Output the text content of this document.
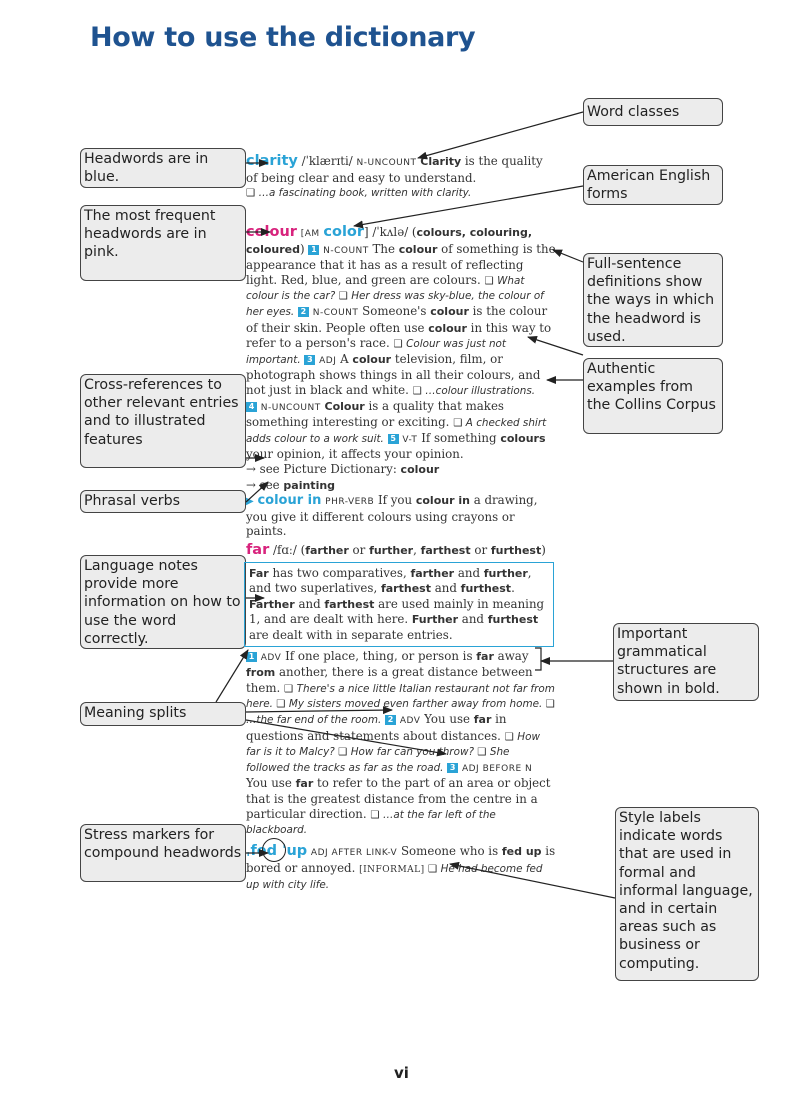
How to use the dictionary
Headwords are in blue.
The most frequent headwords are in pink.
Cross-references to other relevant entries and to illustrated features
Phrasal verbs
Language notes provide more information on how to use the word correctly.
Meaning splits
Stress markers for compound headwords
Word classes
American English forms
Full-sentence definitions show the ways in which the headword is used.
Authentic examples from the Collins Corpus
Important grammatical structures are shown in bold.
Style labels indicate words that are used in formal and informal language, and in certain areas such as business or computing.
clarity /ˈklærɪti/ N-UNCOUNT Clarity is the quality of being clear and easy to understand.
❑ …a fascinating book, written with clarity.
colour [AM color] /ˈkʌlə/ (colours, colouring, coloured) 1 N-COUNT The colour of something is the appearance that it has as a result of reflecting light. Red, blue, and green are colours. ❑ What colour is the car? ❑ Her dress was sky-blue, the colour of her eyes. 2 N-COUNT Someone's colour is the colour of their skin. People often use colour in this way to refer to a person's race. ❑ Colour was just not important. 3 ADJ A colour television, film, or photograph shows things in all their colours, and not just in black and white. ❑ …colour illustrations.
4 N-UNCOUNT Colour is a quality that makes something interesting or exciting. ❑ A checked shirt adds colour to a work suit. 5 V-T If something colours your opinion, it affects your opinion.
→ see Picture Dictionary: colour
→ see painting
▶ colour in PHR-VERB If you colour in a drawing, you give it different colours using crayons or paints.
far /fɑː/ (farther or further, farthest or furthest)
Far has two comparatives, farther and further, and two superlatives, farthest and furthest. Farther and farthest are used mainly in meaning 1, and are dealt with here. Further and furthest are dealt with in separate entries.
1 ADV If one place, thing, or person is far away from another, there is a great distance between them. ❑ There's a nice little Italian restaurant not far from here. ❑ My sisters moved even farther away from home. ❑ …the far end of the room. 2 ADV You use far in questions and statements about distances. ❑ How far is it to Malcy? ❑ How far can you throw? ❑ She followed the tracks as far as the road. 3 ADJ BEFORE N You use far to refer to the part of an area or object that is the greatest distance from the centre in a particular direction. ❑ …at the far left of the blackboard.
ˌfed ˈup ADJ AFTER LINK-V Someone who is fed up is bored or annoyed. [INFORMAL] ❑ He had become fed up with city life.
vi
